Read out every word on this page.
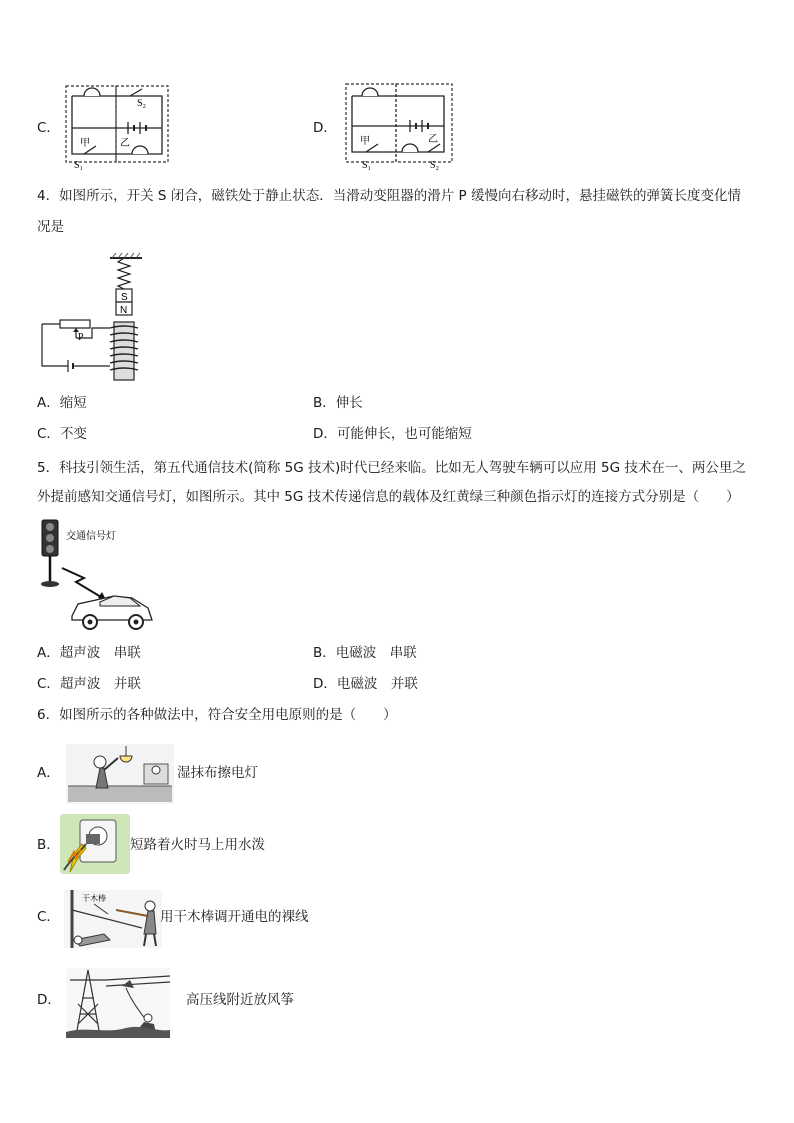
C．
S₂
甲	乙
S₁
D．
甲	乙
S₁	S₂
4．如图所示，开关 S 闭合，磁铁处于静止状态．当滑动变阻器的滑片 P 缓慢向右移动时，悬挂磁铁的弹簧长度变化情
况是
S
N
P
A．缩短	B．伸长
C．不变	D．可能伸长，也可能缩短
5．科技引领生活，第五代通信技术(简称 5G 技术)时代已经来临。比如无人驾驶车辆可以应用 5G 技术在一、两公里之
外提前感知交通信号灯，如图所示。其中 5G 技术传递信息的载体及红黄绿三种颜色指示灯的连接方式分别是（　　）
交通信号灯
A．超声波　串联	B．电磁波　串联
C．超声波　并联	D．电磁波　并联
6．如图所示的各种做法中，符合安全用电原则的是（　　）
A．	湿抹布擦电灯
B．	短路着火时马上用水泼
C．
干木棒
用干木棒调开通电的裸线
D．	高压线附近放风筝
